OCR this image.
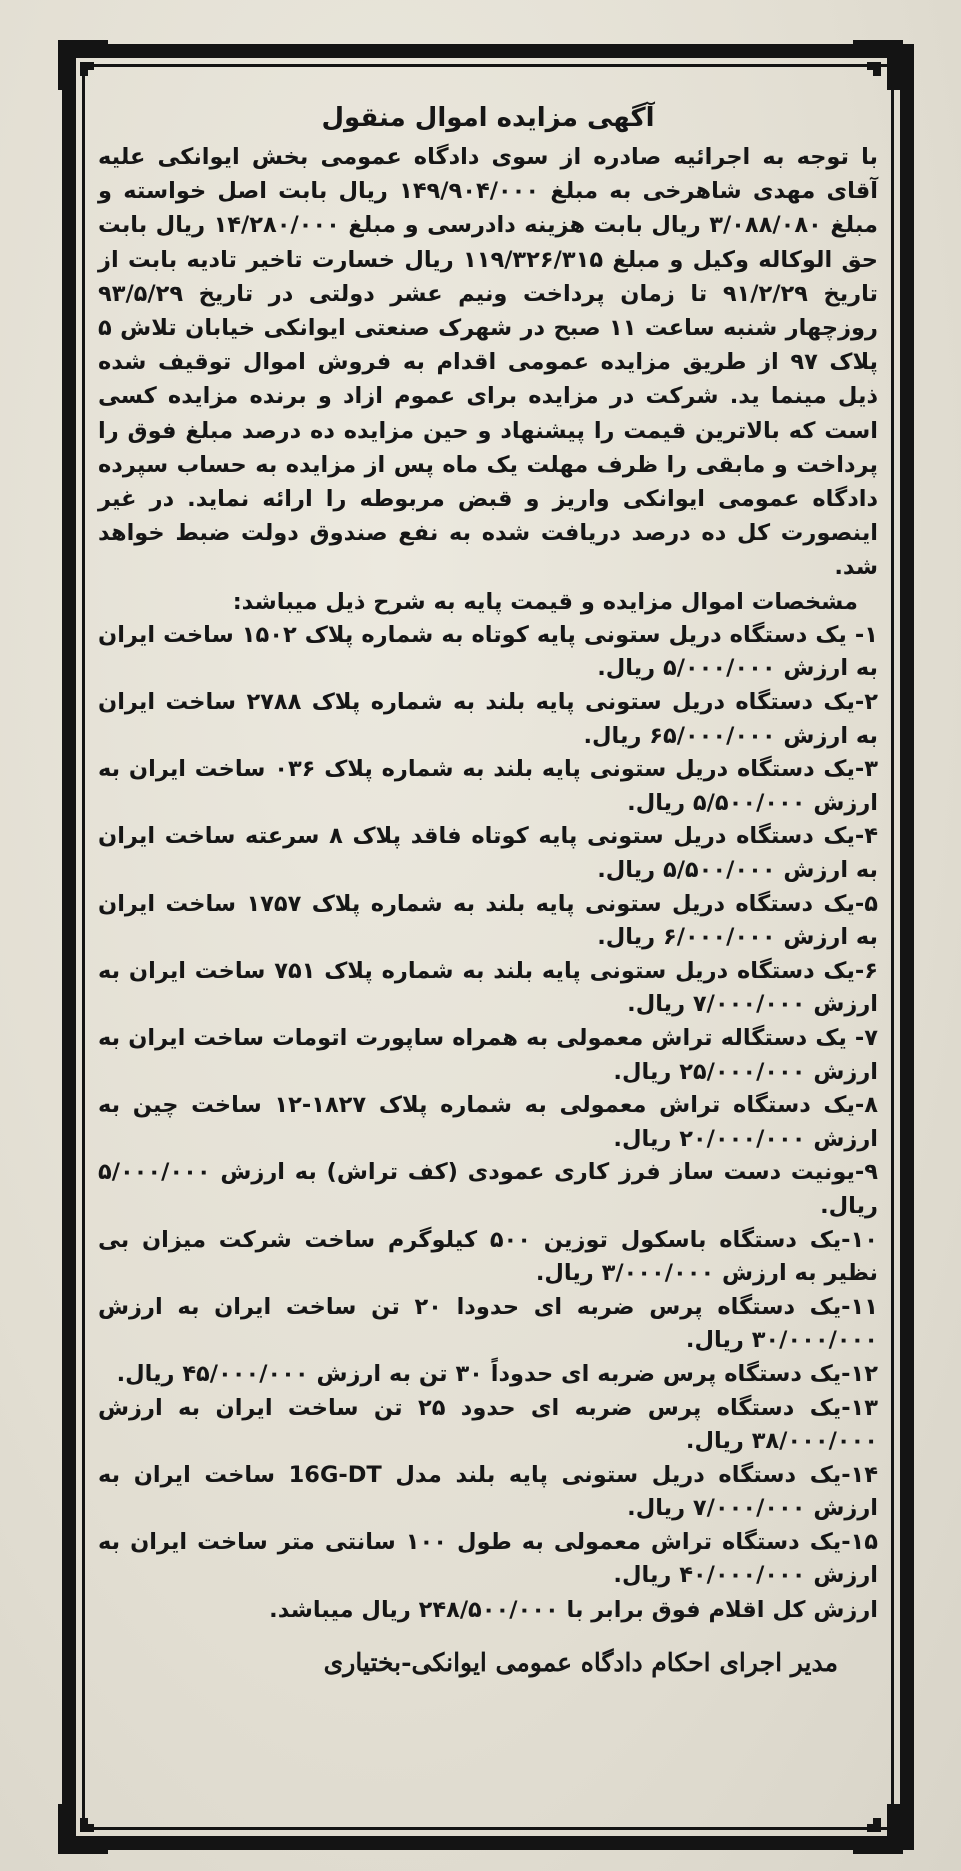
آگهی مزایده اموال منقول

با توجه به اجرائیه صادره از سوی دادگاه عمومی بخش ایوانکی علیه آقای مهدی شاهرخی به مبلغ ۱۴۹/۹۰۴/۰۰۰ ریال بابت اصل خواسته و مبلغ ۳/۰۸۸/۰۸۰ ریال بابت هزینه دادرسی و مبلغ ۱۴/۲۸۰/۰۰۰ ریال بابت حق الوکاله وکیل و مبلغ ۱۱۹/۳۲۶/۳۱۵ ریال خسارت تاخیر تادیه بابت از تاریخ ۹۱/۲/۲۹ تا زمان پرداخت ونیم عشر دولتی در تاریخ ۹۳/۵/۲۹ روزچهار شنبه ساعت ۱۱ صبح در شهرک صنعتی ایوانکی خیابان تلاش ۵ پلاک ۹۷ از طریق مزایده عمومی اقدام به فروش اموال توقیف شده ذیل مینما ید. شرکت در مزایده برای عموم ازاد و برنده مزایده کسی است که بالاترین قیمت را پیشنهاد و حین مزایده ده درصد مبلغ فوق را پرداخت و مابقی را ظرف مهلت یک ماه پس از مزایده به حساب سپرده دادگاه عمومی ایوانکی واریز و قبض مربوطه را ارائه نماید. در غیر اینصورت کل ده درصد دریافت شده به نفع صندوق دولت ضبط خواهد شد.

مشخصات اموال مزایده و قیمت پایه به شرح ذیل میباشد:

۱- یک دستگاه دریل ستونی پایه کوتاه به شماره پلاک ۱۵۰۲ ساخت ایران به ارزش ۵/۰۰۰/۰۰۰ ریال.
۲-یک دستگاه دریل ستونی پایه بلند به شماره پلاک ۲۷۸۸ ساخت ایران به ارزش ۶۵/۰۰۰/۰۰۰ ریال.
۳-یک دستگاه دریل ستونی پایه بلند به شماره پلاک ۰۳۶ ساخت ایران به ارزش ۵/۵۰۰/۰۰۰ ریال.
۴-یک دستگاه دریل ستونی پایه کوتاه فاقد پلاک ۸ سرعته ساخت ایران به ارزش ۵/۵۰۰/۰۰۰ ریال.
۵-یک دستگاه دریل ستونی پایه بلند به شماره پلاک ۱۷۵۷ ساخت ایران به ارزش ۶/۰۰۰/۰۰۰ ریال.
۶-یک دستگاه دریل ستونی پایه بلند به شماره پلاک ۷۵۱ ساخت ایران به ارزش ۷/۰۰۰/۰۰۰ ریال.
۷- یک دستگاله تراش معمولی به همراه ساپورت اتومات ساخت ایران به ارزش ۲۵/۰۰۰/۰۰۰ ریال.
۸-یک دستگاه تراش معمولی به شماره پلاک ۱۸۲۷-۱۲ ساخت چین به ارزش ۲۰/۰۰۰/۰۰۰ ریال.
۹-یونیت دست ساز فرز کاری عمودی (کف تراش) به ارزش ۵/۰۰۰/۰۰۰ ریال.
۱۰-یک دستگاه باسکول توزین ۵۰۰ کیلوگرم ساخت شرکت میزان بی نظیر به ارزش ۳/۰۰۰/۰۰۰ ریال.
۱۱-یک دستگاه پرس ضربه ای حدودا ۲۰ تن ساخت ایران به ارزش ۳۰/۰۰۰/۰۰۰ ریال.
۱۲-یک دستگاه پرس ضربه ای حدوداً ۳۰ تن به ارزش ۴۵/۰۰۰/۰۰۰ ریال.
۱۳-یک دستگاه پرس ضربه ای حدود ۲۵ تن ساخت ایران به ارزش ۳۸/۰۰۰/۰۰۰ ریال.
۱۴-یک دستگاه دریل ستونی پایه بلند مدل 16G-DT ساخت ایران به ارزش ۷/۰۰۰/۰۰۰ ریال.
۱۵-یک دستگاه تراش معمولی به طول ۱۰۰ سانتی متر ساخت ایران به ارزش ۴۰/۰۰۰/۰۰۰ ریال.

ارزش کل اقلام فوق برابر با ۲۴۸/۵۰۰/۰۰۰ ریال میباشد.

مدیر اجرای احکام دادگاه عمومی ایوانکی-بختیاری
